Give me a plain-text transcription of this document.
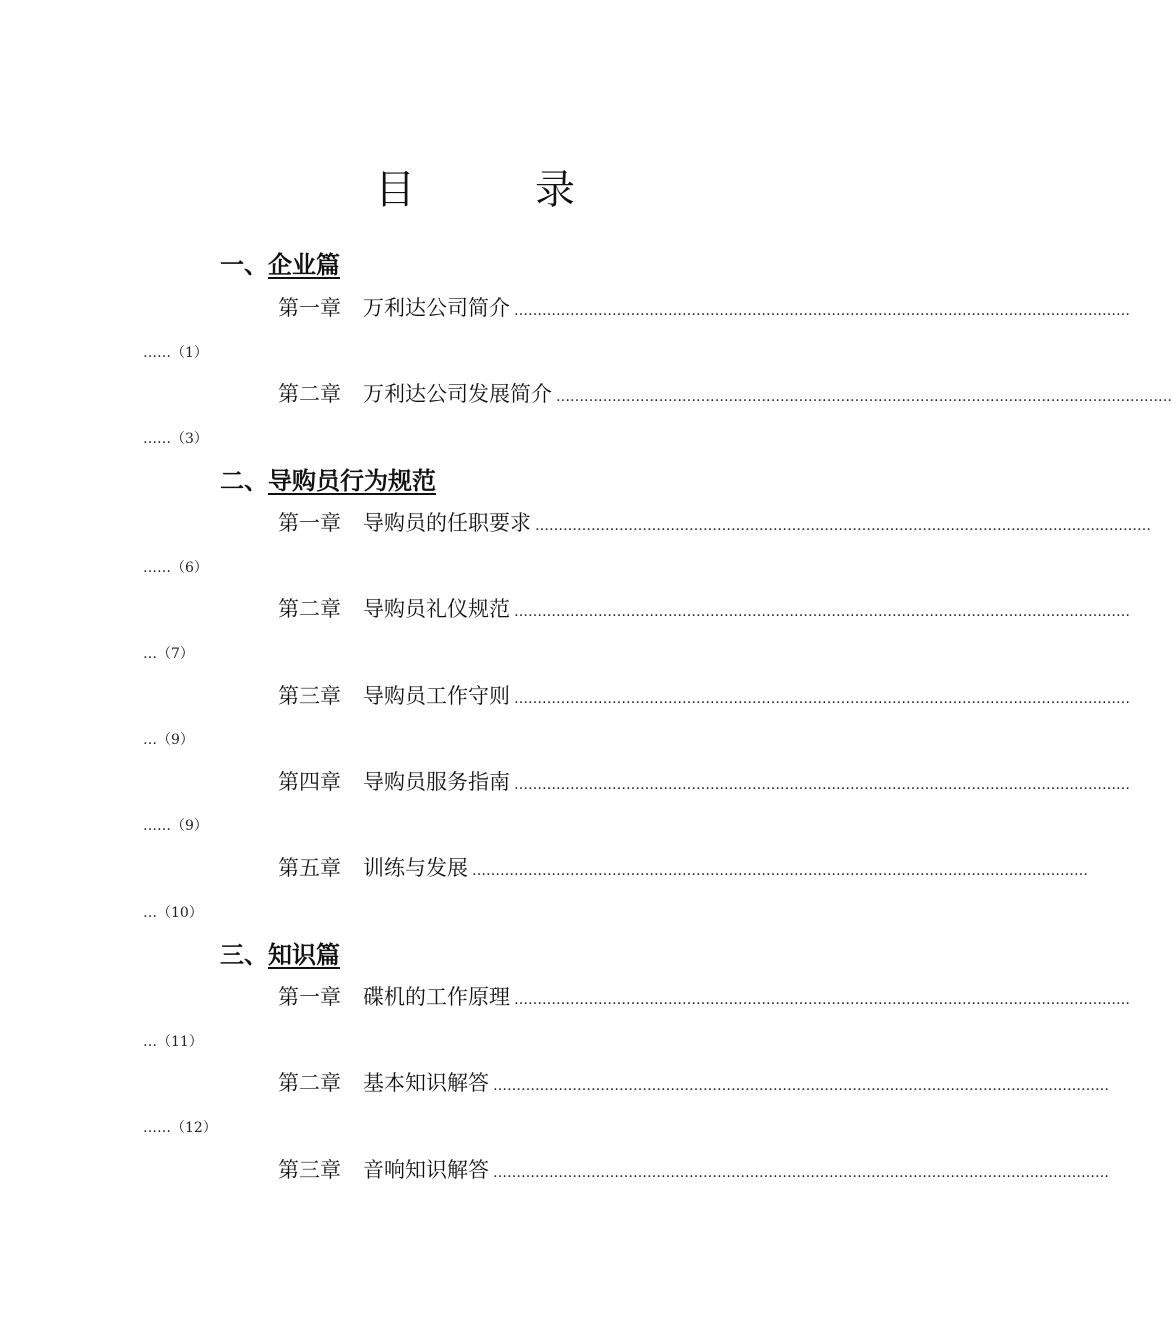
目　录
一、企业篇
第一章 万利达公司简介 ……………………………………………………………………………………………………………………
……（1）
第二章 万利达公司发展简介 ……………………………………………………………………………………………………………………
……（3）
二、导购员行为规范
第一章 导购员的任职要求 ……………………………………………………………………………………………………………………
……（6）
第二章 导购员礼仪规范 ……………………………………………………………………………………………………………………
…（7）
第三章 导购员工作守则 ……………………………………………………………………………………………………………………
…（9）
第四章 导购员服务指南 ……………………………………………………………………………………………………………………
……（9）
第五章 训练与发展 ……………………………………………………………………………………………………………………
…（10）
三、知识篇
第一章 碟机的工作原理 ……………………………………………………………………………………………………………………
…（11）
第二章 基本知识解答 ……………………………………………………………………………………………………………………
……（12）
第三章 音响知识解答 ……………………………………………………………………………………………………………………
